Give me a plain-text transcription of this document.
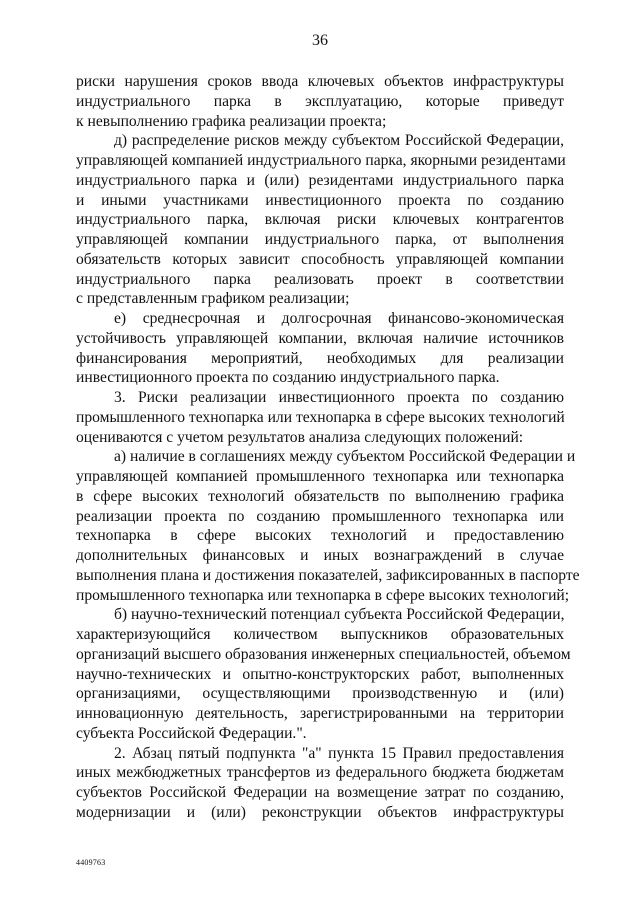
36
риски нарушения сроков ввода ключевых объектов инфраструктуры
индустриального парка в эксплуатацию, которые приведут
к невыполнению графика реализации проекта;
д) распределение рисков между субъектом Российской Федерации,
управляющей компанией индустриального парка, якорными резидентами
индустриального парка и (или) резидентами индустриального парка
и иными участниками инвестиционного проекта по созданию
индустриального парка, включая риски ключевых контрагентов
управляющей компании индустриального парка, от выполнения
обязательств которых зависит способность управляющей компании
индустриального парка реализовать проект в соответствии
с представленным графиком реализации;
е) среднесрочная и долгосрочная финансово-экономическая
устойчивость управляющей компании, включая наличие источников
финансирования мероприятий, необходимых для реализации
инвестиционного проекта по созданию индустриального парка.
3. Риски реализации инвестиционного проекта по созданию
промышленного технопарка или технопарка в сфере высоких технологий
оцениваются с учетом результатов анализа следующих положений:
а) наличие в соглашениях между субъектом Российской Федерации и
управляющей компанией промышленного технопарка или технопарка
в сфере высоких технологий обязательств по выполнению графика
реализации проекта по созданию промышленного технопарка или
технопарка в сфере высоких технологий и предоставлению
дополнительных финансовых и иных вознаграждений в случае
выполнения плана и достижения показателей, зафиксированных в паспорте
промышленного технопарка или технопарка в сфере высоких технологий;
б) научно-технический потенциал субъекта Российской Федерации,
характеризующийся количеством выпускников образовательных
организаций высшего образования инженерных специальностей, объемом
научно-технических и опытно-конструкторских работ, выполненных
организациями, осуществляющими производственную и (или)
инновационную деятельность, зарегистрированными на территории
субъекта Российской Федерации.".
2. Абзац пятый подпункта "а" пункта 15 Правил предоставления
иных межбюджетных трансфертов из федерального бюджета бюджетам
субъектов Российской Федерации на возмещение затрат по созданию,
модернизации и (или) реконструкции объектов инфраструктуры
4409763
